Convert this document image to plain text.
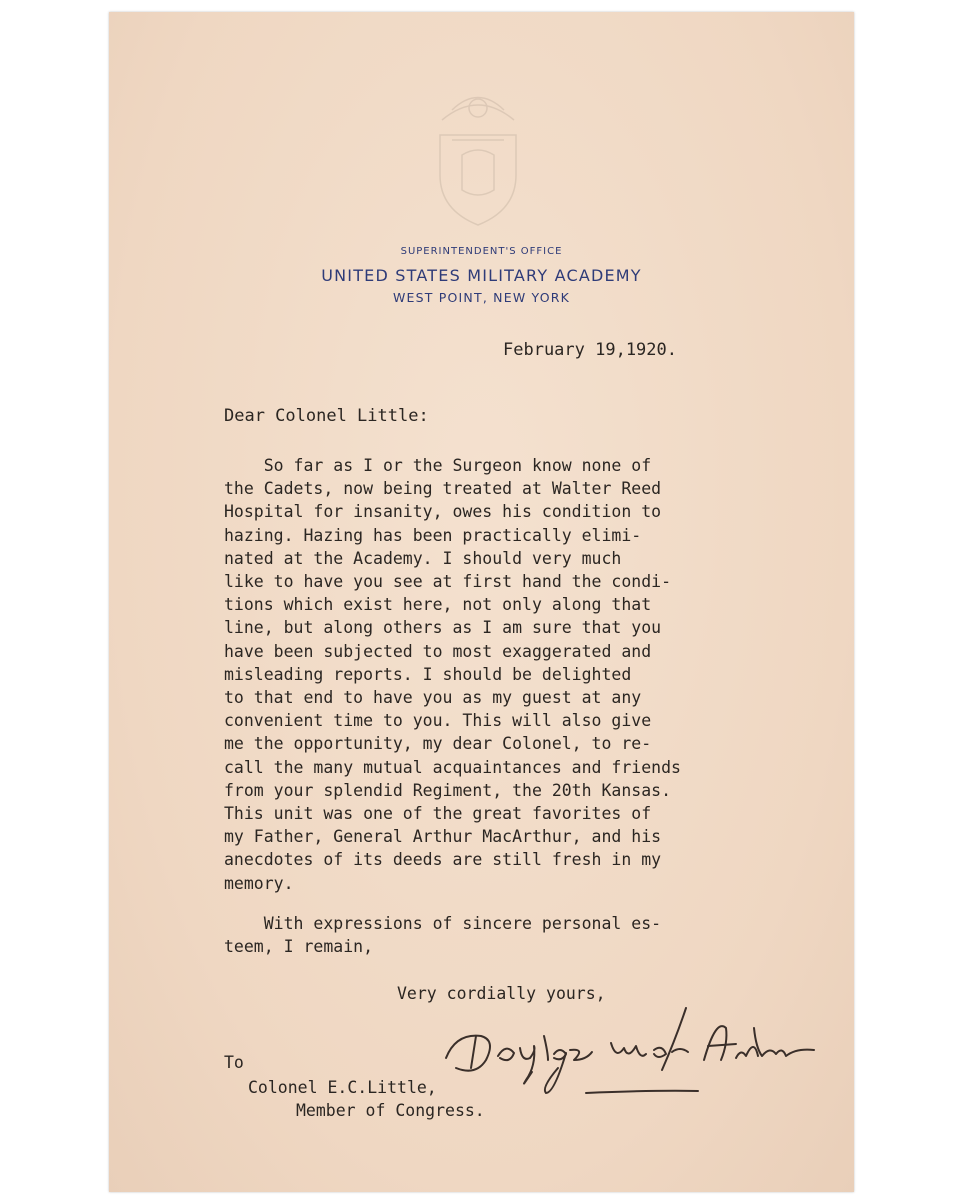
SUPERINTENDENT'S OFFICE
UNITED STATES MILITARY ACADEMY
WEST POINT, NEW YORK
February 19,1920.
Dear Colonel Little:
So far as I or the Surgeon know none of
the Cadets, now being treated at Walter Reed
Hospital for insanity, owes his condition to
hazing. Hazing has been practically elimi-
nated at the Academy. I should very much
like to have you see at first hand the condi-
tions which exist here, not only along that
line, but along others as I am sure that you
have been subjected to most exaggerated and
misleading reports. I should be delighted
to that end to have you as my guest at any
convenient time to you. This will also give
me the opportunity, my dear Colonel, to re-
call the many mutual acquaintances and friends
from your splendid Regiment, the 20th Kansas.
This unit was one of the great favorites of
my Father, General Arthur MacArthur, and his
anecdotes of its deeds are still fresh in my
memory.
With expressions of sincere personal es-
teem, I remain,
Very cordially yours,
To
Colonel E.C.Little,
Member of Congress.
